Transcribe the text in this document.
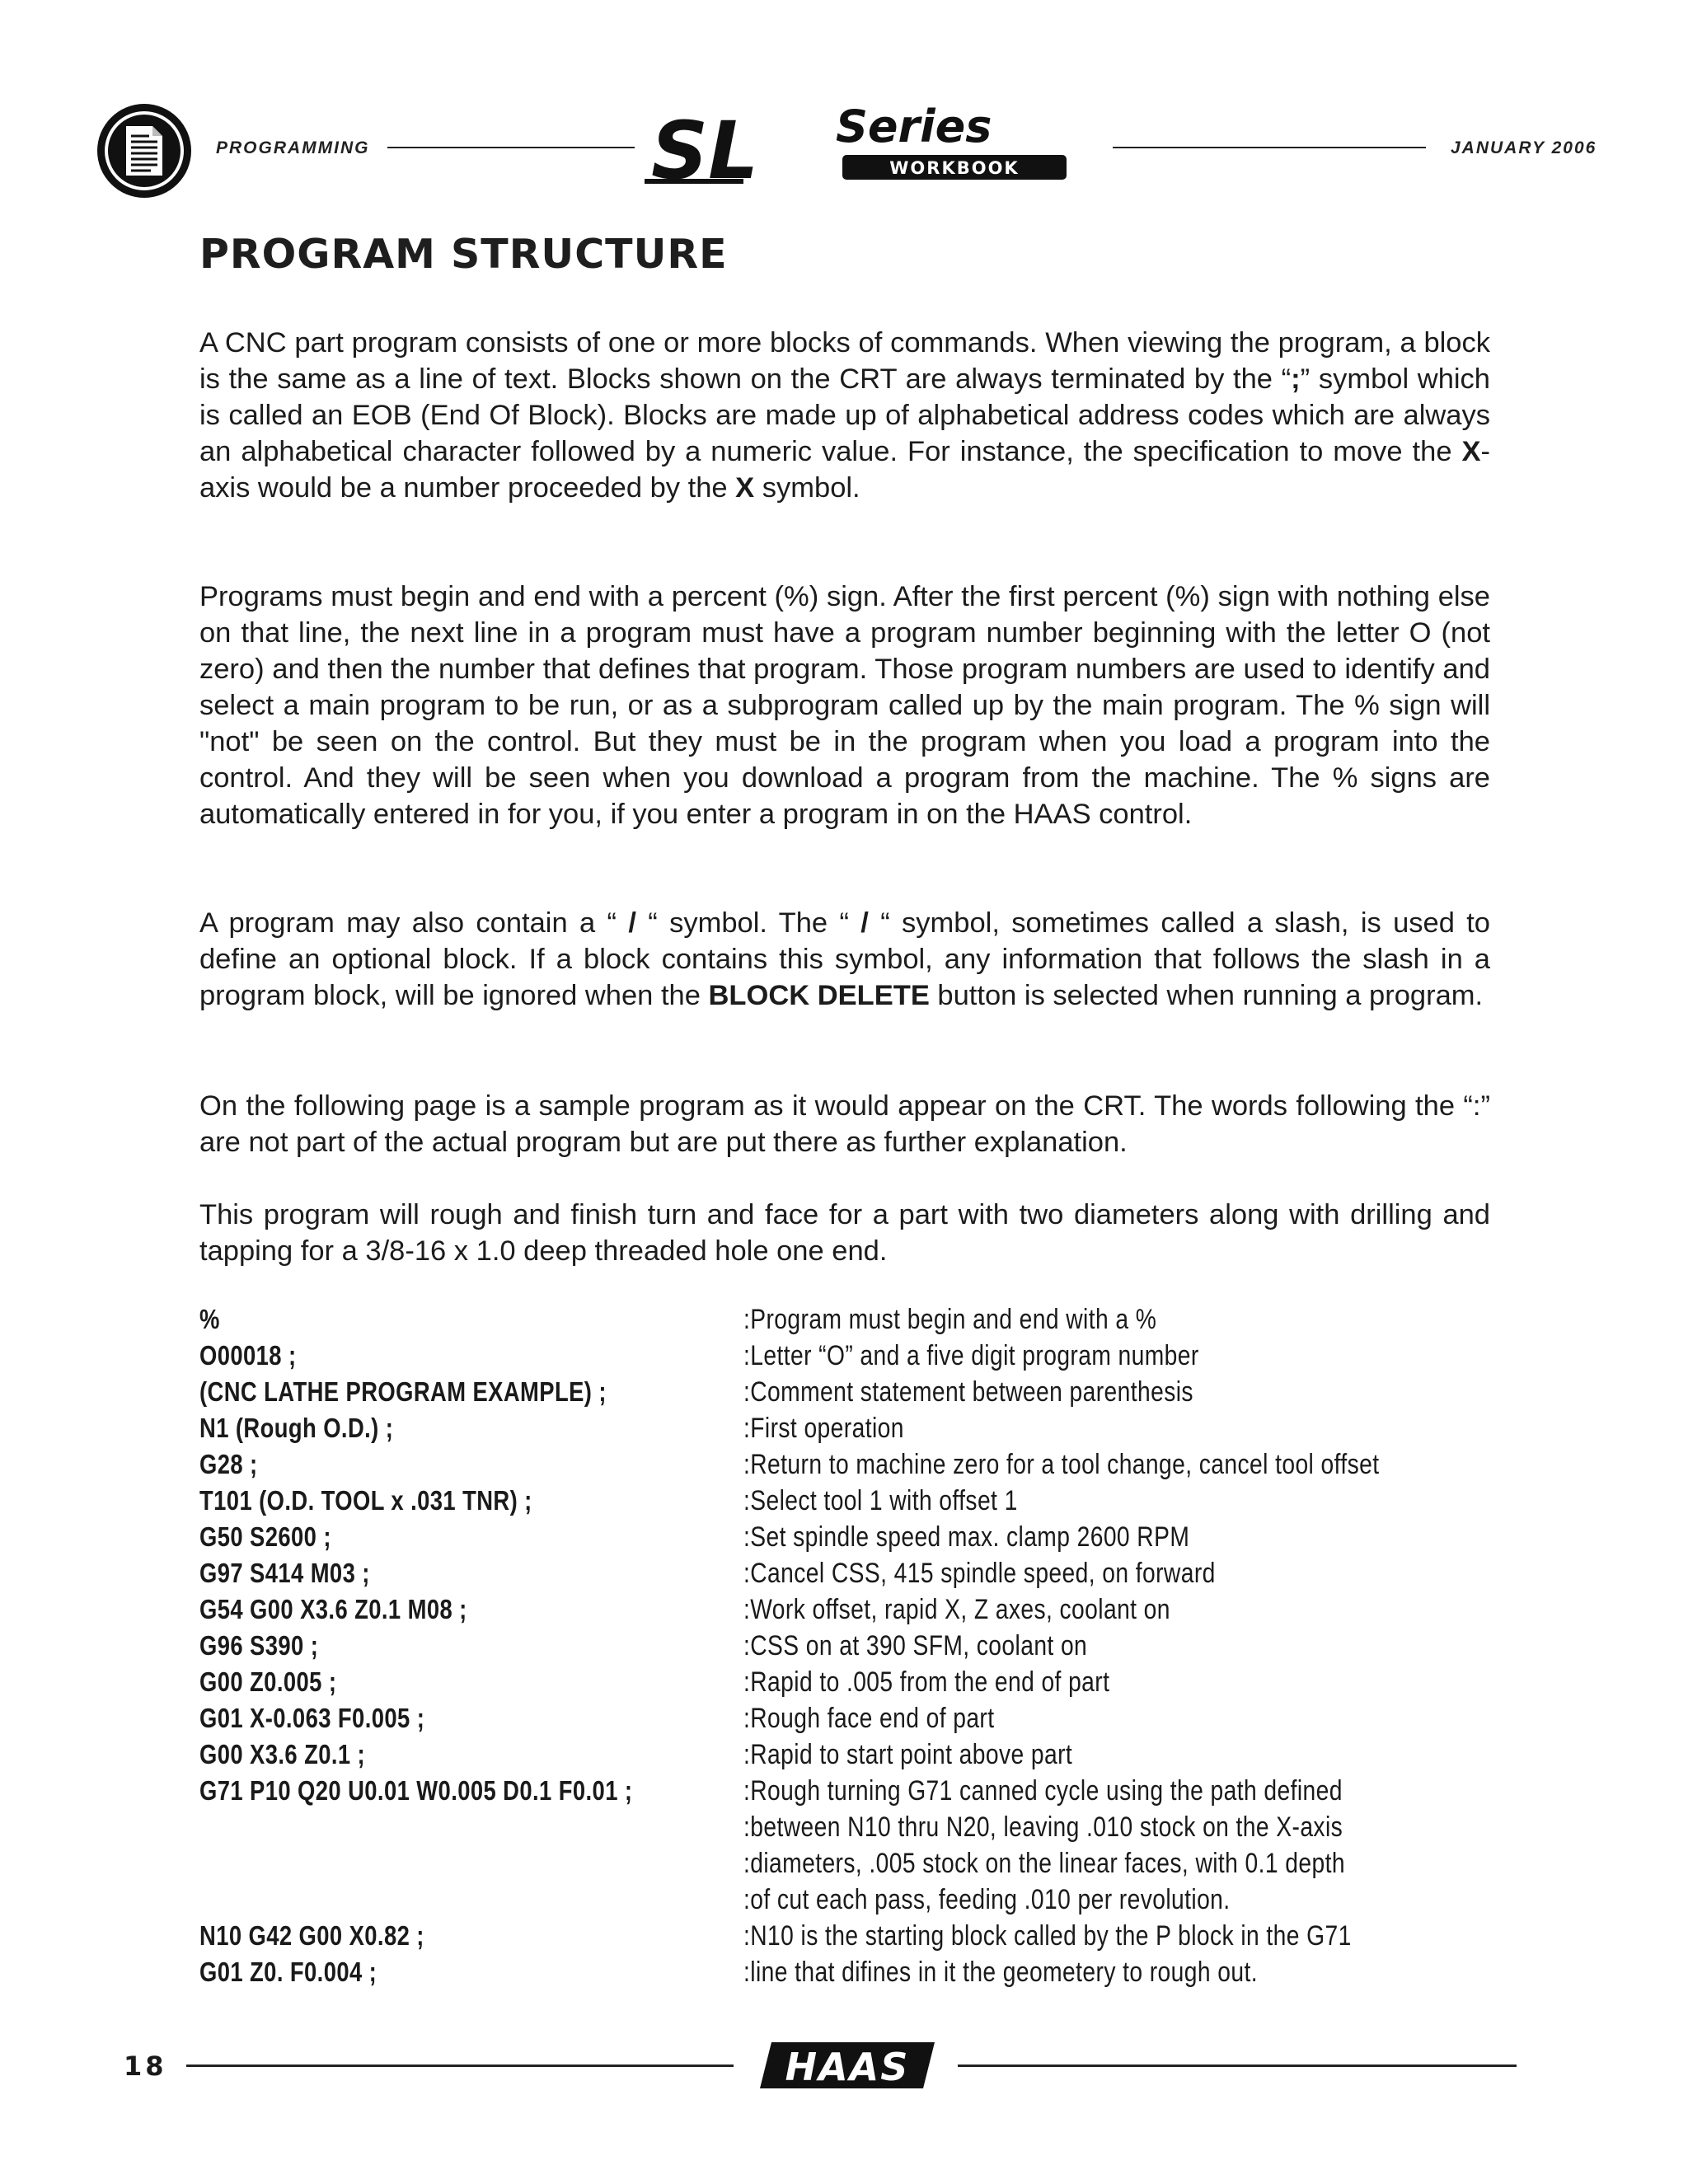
PROGRAMMING	SL Series
WORKBOOK
JANUARY 2006
PROGRAM STRUCTURE

A CNC part program consists of one or more blocks of commands. When viewing the program, a block is the same as a line of text. Blocks shown on the CRT are always terminated by the “;” symbol which is called an EOB (End Of Block). Blocks are made up of alphabetical address codes which are always an alphabetical character followed by a numeric value. For instance, the specification to move the X-axis would be a number proceeded by the X symbol.

Programs must begin and end with a percent (%) sign. After the first percent (%) sign with nothing else on that line, the next line in a program must have a program number beginning with the letter O (not zero) and then the number that defines that program. Those program numbers are used to identify and select a main program to be run, or as a subprogram called up by the main program. The % sign will "not" be seen on the control. But they must be in the program when you load a program into the control. And they will be seen when you download a program from the machine. The % signs are automatically entered in for you, if you enter a program in on the HAAS control.

A program may also contain a “ / “ symbol. The “ / “ symbol, sometimes called a slash, is used to define an optional block. If a block contains this symbol, any information that follows the slash in a program block, will be ignored when the BLOCK DELETE button is selected when running a program.

On the following page is a sample program as it would appear on the CRT. The words following the “:” are not part of the actual program but are put there as further explanation.

This program will rough and finish turn and face for a part with two diameters along with drilling and tapping for a 3/8-16 x 1.0 deep threaded hole one end.

%	:Program must begin and end with a %
O00018 ;	:Letter “O” and a five digit program number
(CNC LATHE PROGRAM EXAMPLE) ;	:Comment statement between parenthesis
N1 (Rough O.D.) ;	:First operation
G28 ;	:Return to machine zero for a tool change, cancel tool offset
T101 (O.D. TOOL x .031 TNR) ;	:Select tool 1 with offset 1
G50 S2600 ;	:Set spindle speed max. clamp 2600 RPM
G97 S414 M03 ;	:Cancel CSS, 415 spindle speed, on forward
G54 G00 X3.6 Z0.1 M08 ;	:Work offset, rapid X, Z axes, coolant on
G96 S390 ;	:CSS on at 390 SFM, coolant on
G00 Z0.005 ;	:Rapid to .005 from the end of part
G01 X-0.063 F0.005 ;	:Rough face end of part
G00 X3.6 Z0.1 ;	:Rapid to start point above part
G71 P10 Q20 U0.01 W0.005 D0.1 F0.01 ;	:Rough turning G71 canned cycle using the path defined
:between N10 thru N20, leaving .010 stock on the X-axis
:diameters, .005 stock on the linear faces, with 0.1 depth
:of cut each pass, feeding .010 per revolution.
N10 G42 G00 X0.82 ;	:N10 is the starting block called by the P block in the G71
G01 Z0. F0.004 ;	:line that difines in it the geometery to rough out.
18	HAAS
